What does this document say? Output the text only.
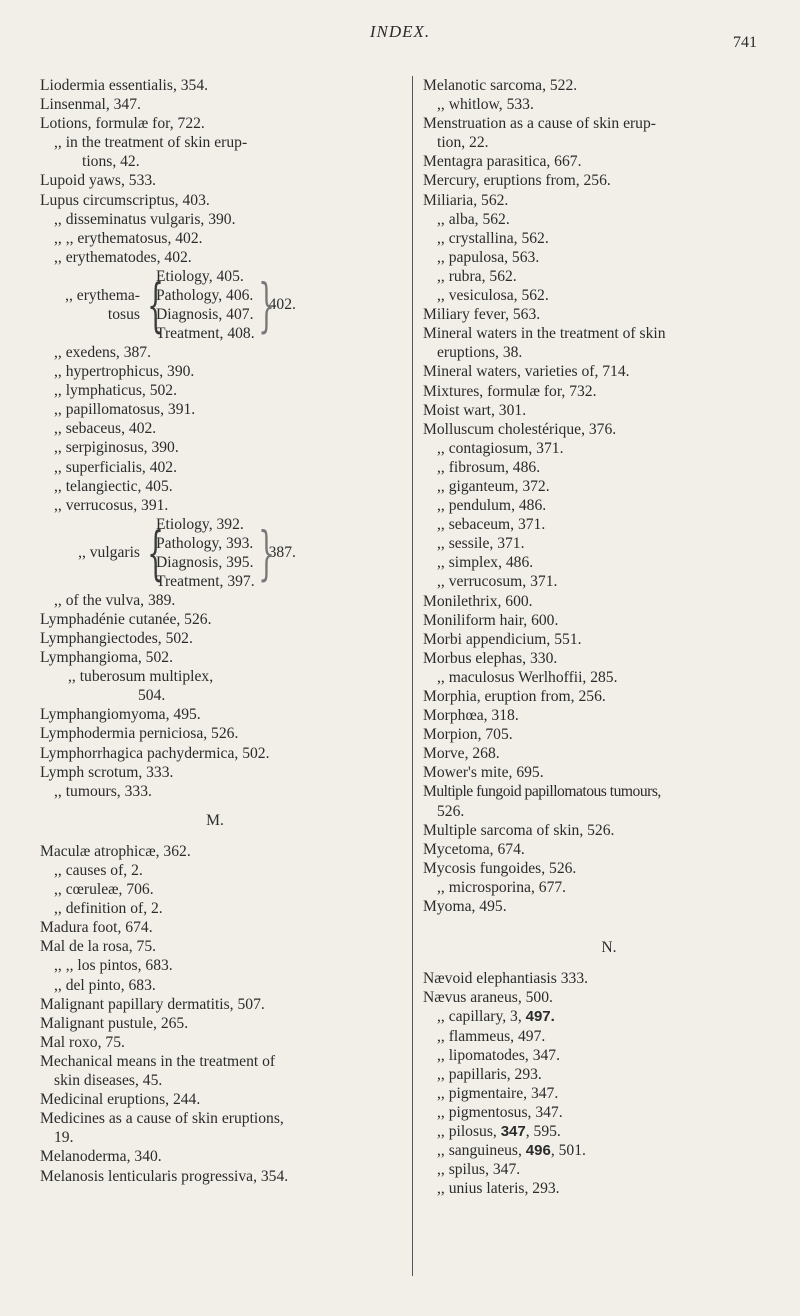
INDEX.
741
Liodermia essentialis, 354.
Linsenmal, 347.
Lotions, formulæ for, 722.
,, in the treatment of skin erup-
tions, 42.
Lupoid yaws, 533.
Lupus circumscriptus, 403.
,, disseminatus vulgaris, 390.
,, ,, erythematosus, 402.
,, erythematodes, 402.
,, erythema-
tosus {
Etiology, 405.
Pathology, 406.
Diagnosis, 407.
Treatment, 408. }
402.
,, exedens, 387.
,, hypertrophicus, 390.
,, lymphaticus, 502.
,, papillomatosus, 391.
,, sebaceus, 402.
,, serpiginosus, 390.
,, superficialis, 402.
,, telangiectic, 405.
,, verrucosus, 391.
,, vulgaris {
Etiology, 392.
Pathology, 393.
Diagnosis, 395.
Treatment, 397. }
387.
,, of the vulva, 389.
Lymphadénie cutanée, 526.
Lymphangiectodes, 502.
Lymphangioma, 502.
,, tuberosum multiplex,
504.
Lymphangiomyoma, 495.
Lymphodermia perniciosa, 526.
Lymphorrhagica pachydermica, 502.
Lymph scrotum, 333.
,, tumours, 333.
M.
Maculæ atrophicæ, 362.
,, causes of, 2.
,, cœruleæ, 706.
,, definition of, 2.
Madura foot, 674.
Mal de la rosa, 75.
,, ,, los pintos, 683.
,, del pinto, 683.
Malignant papillary dermatitis, 507.
Malignant pustule, 265.
Mal roxo, 75.
Mechanical means in the treatment of
skin diseases, 45.
Medicinal eruptions, 244.
Medicines as a cause of skin eruptions,
19.
Melanoderma, 340.
Melanosis lenticularis progressiva, 354.
Melanotic sarcoma, 522.
,, whitlow, 533.
Menstruation as a cause of skin erup-
tion, 22.
Mentagra parasitica, 667.
Mercury, eruptions from, 256.
Miliaria, 562.
,, alba, 562.
,, crystallina, 562.
,, papulosa, 563.
,, rubra, 562.
,, vesiculosa, 562.
Miliary fever, 563.
Mineral waters in the treatment of skin
eruptions, 38.
Mineral waters, varieties of, 714.
Mixtures, formulæ for, 732.
Moist wart, 301.
Molluscum cholestérique, 376.
,, contagiosum, 371.
,, fibrosum, 486.
,, giganteum, 372.
,, pendulum, 486.
,, sebaceum, 371.
,, sessile, 371.
,, simplex, 486.
,, verrucosum, 371.
Monilethrix, 600.
Moniliform hair, 600.
Morbi appendicium, 551.
Morbus elephas, 330.
,, maculosus Werlhoffii, 285.
Morphia, eruption from, 256.
Morphœa, 318.
Morpion, 705.
Morve, 268.
Mower's mite, 695.
Multiple fungoid papillomatous tumours,
526.
Multiple sarcoma of skin, 526.
Mycetoma, 674.
Mycosis fungoides, 526.
,, microsporina, 677.
Myoma, 495.
N.
Nævoid elephantiasis 333.
Nævus araneus, 500.
,, capillary, 3, 497.
,, flammeus, 497.
,, lipomatodes, 347.
,, papillaris, 293.
,, pigmentaire, 347.
,, pigmentosus, 347.
,, pilosus, 347, 595.
,, sanguineus, 496, 501.
,, spilus, 347.
,, unius lateris, 293.
